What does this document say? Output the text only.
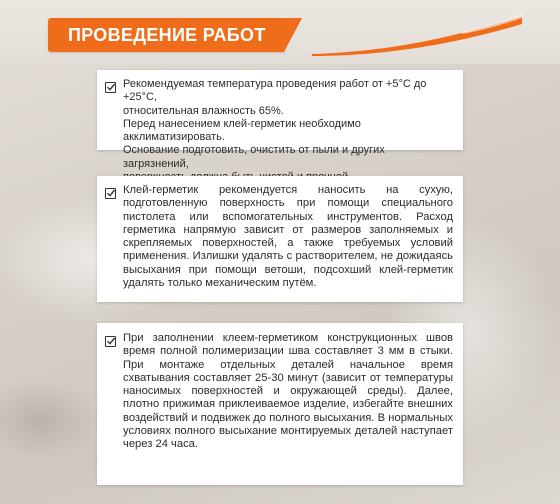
ПРОВЕДЕНИЕ РАБОТ

Рекомендуемая температура проведения работ от +5°С до +25°С,
относительная влажность 65%.
Перед нанесением клей-герметик необходимо акклиматизировать.
Основание подготовить, очистить от пыли и других загрязнений,

Клей-герметик рекомендуется наносить на сухую, подготовленную поверхность при помощи специального пистолета или вспомогательных инструментов. Расход герметика напрямую зависит от размеров заполняемых и скрепляемых поверхностей, а также требуемых условий применения. Излишки удалять с растворителем, не дожидаясь высыхания при помощи ветоши, подсохший клей-герметик удалять только механическим путём.

При заполнении клеем-герметиком конструкционных швов время полной полимеризации шва составляет 3 мм в стыки. При монтаже отдельных деталей начальное время схватывания составляет 25-30 минут (зависит от температуры наносимых поверхностей и окружающей среды). Далее, плотно прижимая приклеиваемое изделие, избегайте внешних воздействий и подвижек до полного высыхания. В нормальных условиях полного высыхание монтируемых деталей наступает через 24 часа.
